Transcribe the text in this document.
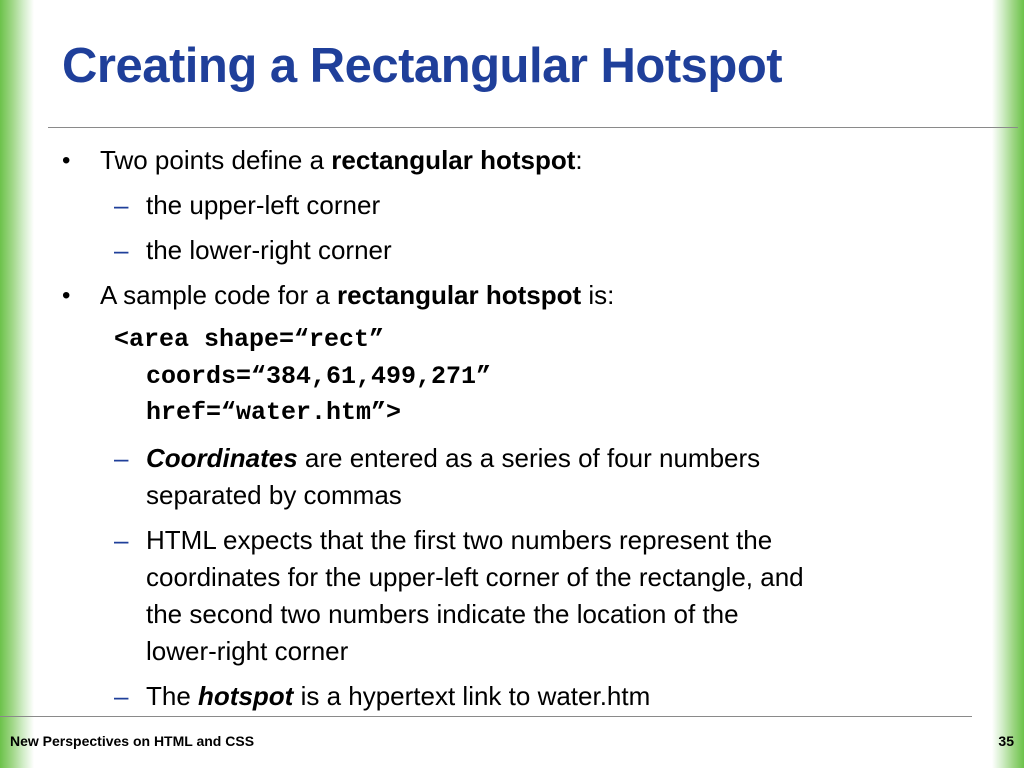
Creating a Rectangular Hotspot
• Two points define a rectangular hotspot:
– the upper-left corner
– the lower-right corner
• A sample code for a rectangular hotspot is:
<area shape=“rect”
coords=“384,61,499,271”
href=“water.htm”>
– Coordinates are entered as a series of four numbers
separated by commas
– HTML expects that the first two numbers represent the
coordinates for the upper-left corner of the rectangle, and
the second two numbers indicate the location of the
lower-right corner
– The hotspot is a hypertext link to water.htm
New Perspectives on HTML and CSS	35
